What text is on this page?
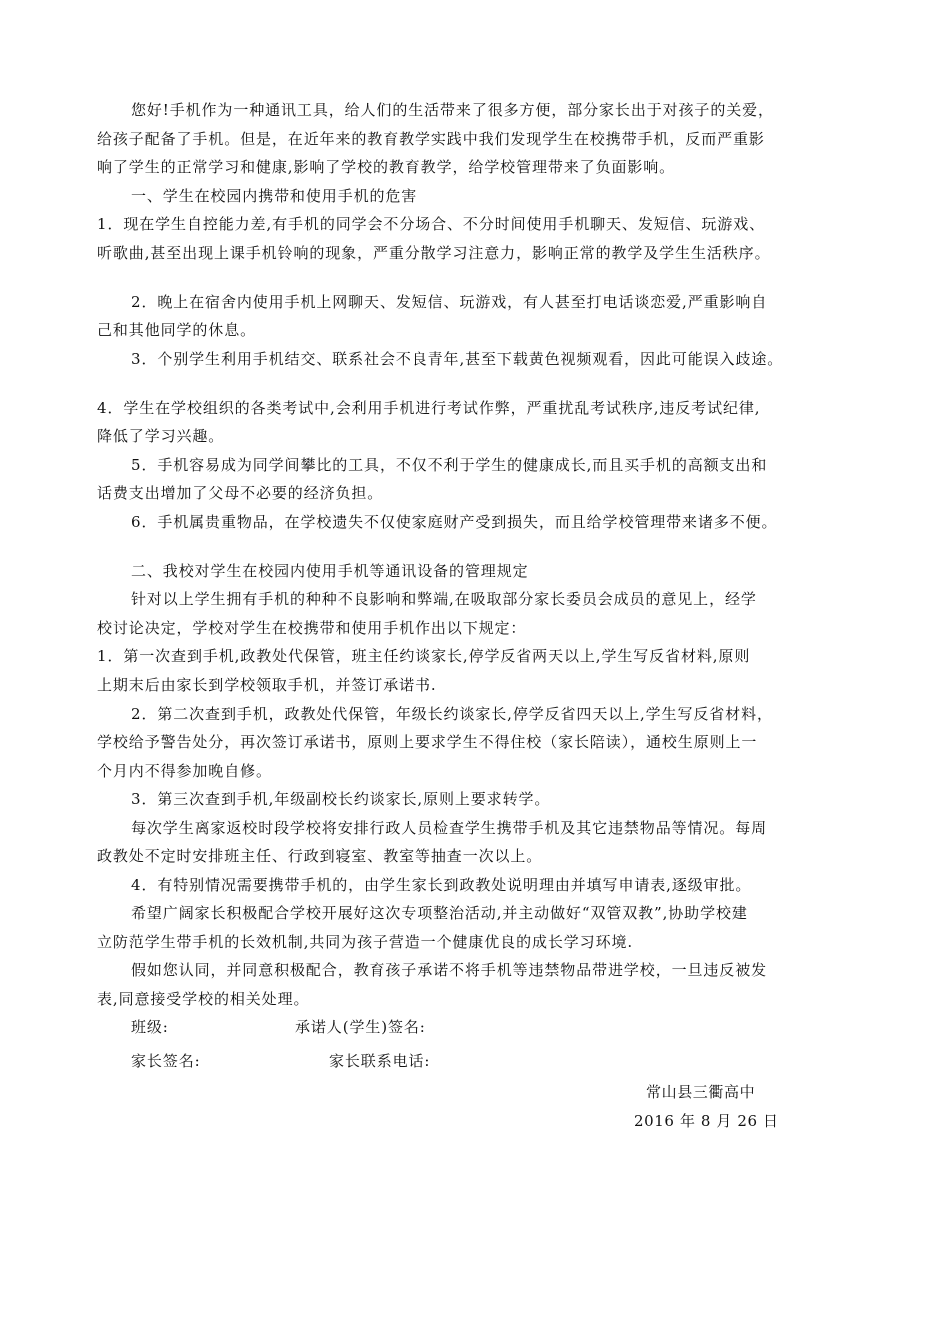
您好!手机作为一种通讯工具，给人们的生活带来了很多方便，部分家长出于对孩子的关爱，
给孩子配备了手机。但是，在近年来的教育教学实践中我们发现学生在校携带手机，反而严重影
响了学生的正常学习和健康,影响了学校的教育教学，给学校管理带来了负面影响。
一、学生在校园内携带和使用手机的危害
1．现在学生自控能力差,有手机的同学会不分场合、不分时间使用手机聊天、发短信、玩游戏、
听歌曲,甚至出现上课手机铃响的现象，严重分散学习注意力，影响正常的教学及学生生活秩序。
2．晚上在宿舍内使用手机上网聊天、发短信、玩游戏，有人甚至打电话谈恋爱,严重影响自
己和其他同学的休息。
3．个别学生利用手机结交、联系社会不良青年,甚至下载黄色视频观看，因此可能误入歧途。
4．学生在学校组织的各类考试中,会利用手机进行考试作弊，严重扰乱考试秩序,违反考试纪律,
降低了学习兴趣。
5．手机容易成为同学间攀比的工具，不仅不利于学生的健康成长,而且买手机的高额支出和
话费支出增加了父母不必要的经济负担。
6．手机属贵重物品，在学校遗失不仅使家庭财产受到损失，而且给学校管理带来诸多不便。
二、我校对学生在校园内使用手机等通讯设备的管理规定
针对以上学生拥有手机的种种不良影响和弊端,在吸取部分家长委员会成员的意见上，经学
校讨论决定，学校对学生在校携带和使用手机作出以下规定：
1．第一次查到手机,政教处代保管，班主任约谈家长,停学反省两天以上,学生写反省材料,原则
上期末后由家长到学校领取手机，并签订承诺书.
2．第二次查到手机，政教处代保管，年级长约谈家长,停学反省四天以上,学生写反省材料，
学校给予警告处分，再次签订承诺书，原则上要求学生不得住校（家长陪读），通校生原则上一
个月内不得参加晚自修。
3．第三次查到手机,年级副校长约谈家长,原则上要求转学。
每次学生离家返校时段学校将安排行政人员检查学生携带手机及其它违禁物品等情况。每周
政教处不定时安排班主任、行政到寝室、教室等抽查一次以上。
4．有特别情况需要携带手机的，由学生家长到政教处说明理由并填写申请表,逐级审批。
希望广阔家长积极配合学校开展好这次专项整治活动,并主动做好“双管双教”,协助学校建
立防范学生带手机的长效机制,共同为孩子营造一个健康优良的成长学习环境.
假如您认同，并同意积极配合，教育孩子承诺不将手机等违禁物品带进学校，一旦违反被发
表,同意接受学校的相关处理。
班级:	承诺人(学生)签名:
家长签名:	家长联系电话:
常山县三衢高中
2016 年 8 月 26 日
